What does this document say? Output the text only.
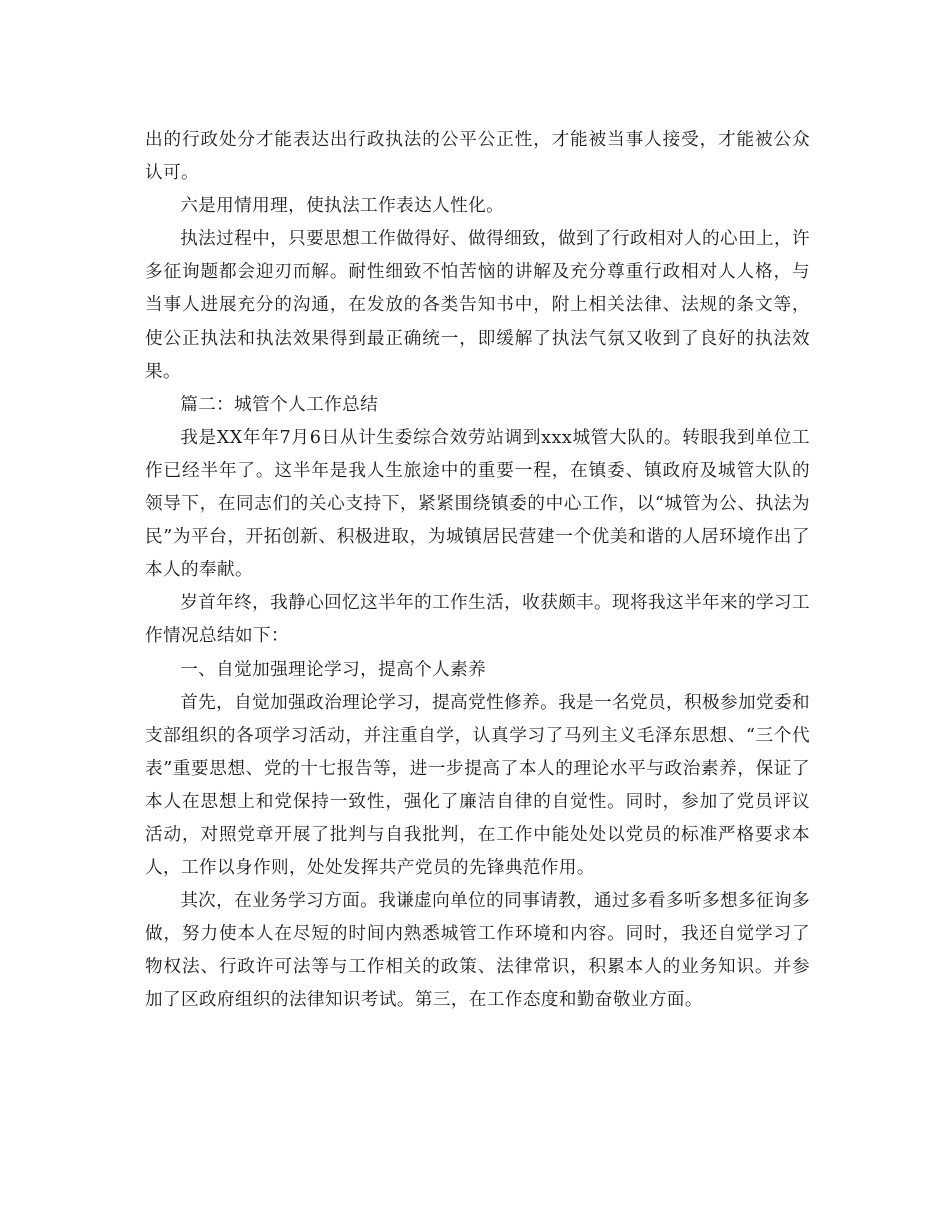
出的行政处分才能表达出行政执法的公平公正性，才能被当事人接受，才能被公众认可。

六是用情用理，使执法工作表达人性化。

执法过程中，只要思想工作做得好、做得细致，做到了行政相对人的心田上，许多征询题都会迎刃而解。耐性细致不怕苦恼的讲解及充分尊重行政相对人人格，与当事人进展充分的沟通，在发放的各类告知书中，附上相关法律、法规的条文等，使公正执法和执法效果得到最正确统一，即缓解了执法气氛又收到了良好的执法效果。

篇二：城管个人工作总结

我是XX年年7月6日从计生委综合效劳站调到xxx城管大队的。转眼我到单位工作已经半年了。这半年是我人生旅途中的重要一程，在镇委、镇政府及城管大队的领导下，在同志们的关心支持下，紧紧围绕镇委的中心工作，以“城管为公、执法为民”为平台，开拓创新、积极进取，为城镇居民营建一个优美和谐的人居环境作出了本人的奉献。

岁首年终，我静心回忆这半年的工作生活，收获颇丰。现将我这半年来的学习工作情况总结如下：

一、自觉加强理论学习，提高个人素养

首先，自觉加强政治理论学习，提高党性修养。我是一名党员，积极参加党委和支部组织的各项学习活动，并注重自学，认真学习了马列主义毛泽东思想、“三个代表”重要思想、党的十七报告等，进一步提高了本人的理论水平与政治素养，保证了本人在思想上和党保持一致性，强化了廉洁自律的自觉性。同时，参加了党员评议活动，对照党章开展了批判与自我批判，在工作中能处处以党员的标准严格要求本人，工作以身作则，处处发挥共产党员的先锋典范作用。

其次，在业务学习方面。我谦虚向单位的同事请教，通过多看多听多想多征询多做，努力使本人在尽短的时间内熟悉城管工作环境和内容。同时，我还自觉学习了物权法、行政许可法等与工作相关的政策、法律常识，积累本人的业务知识。并参加了区政府组织的法律知识考试。第三，在工作态度和勤奋敬业方面。
